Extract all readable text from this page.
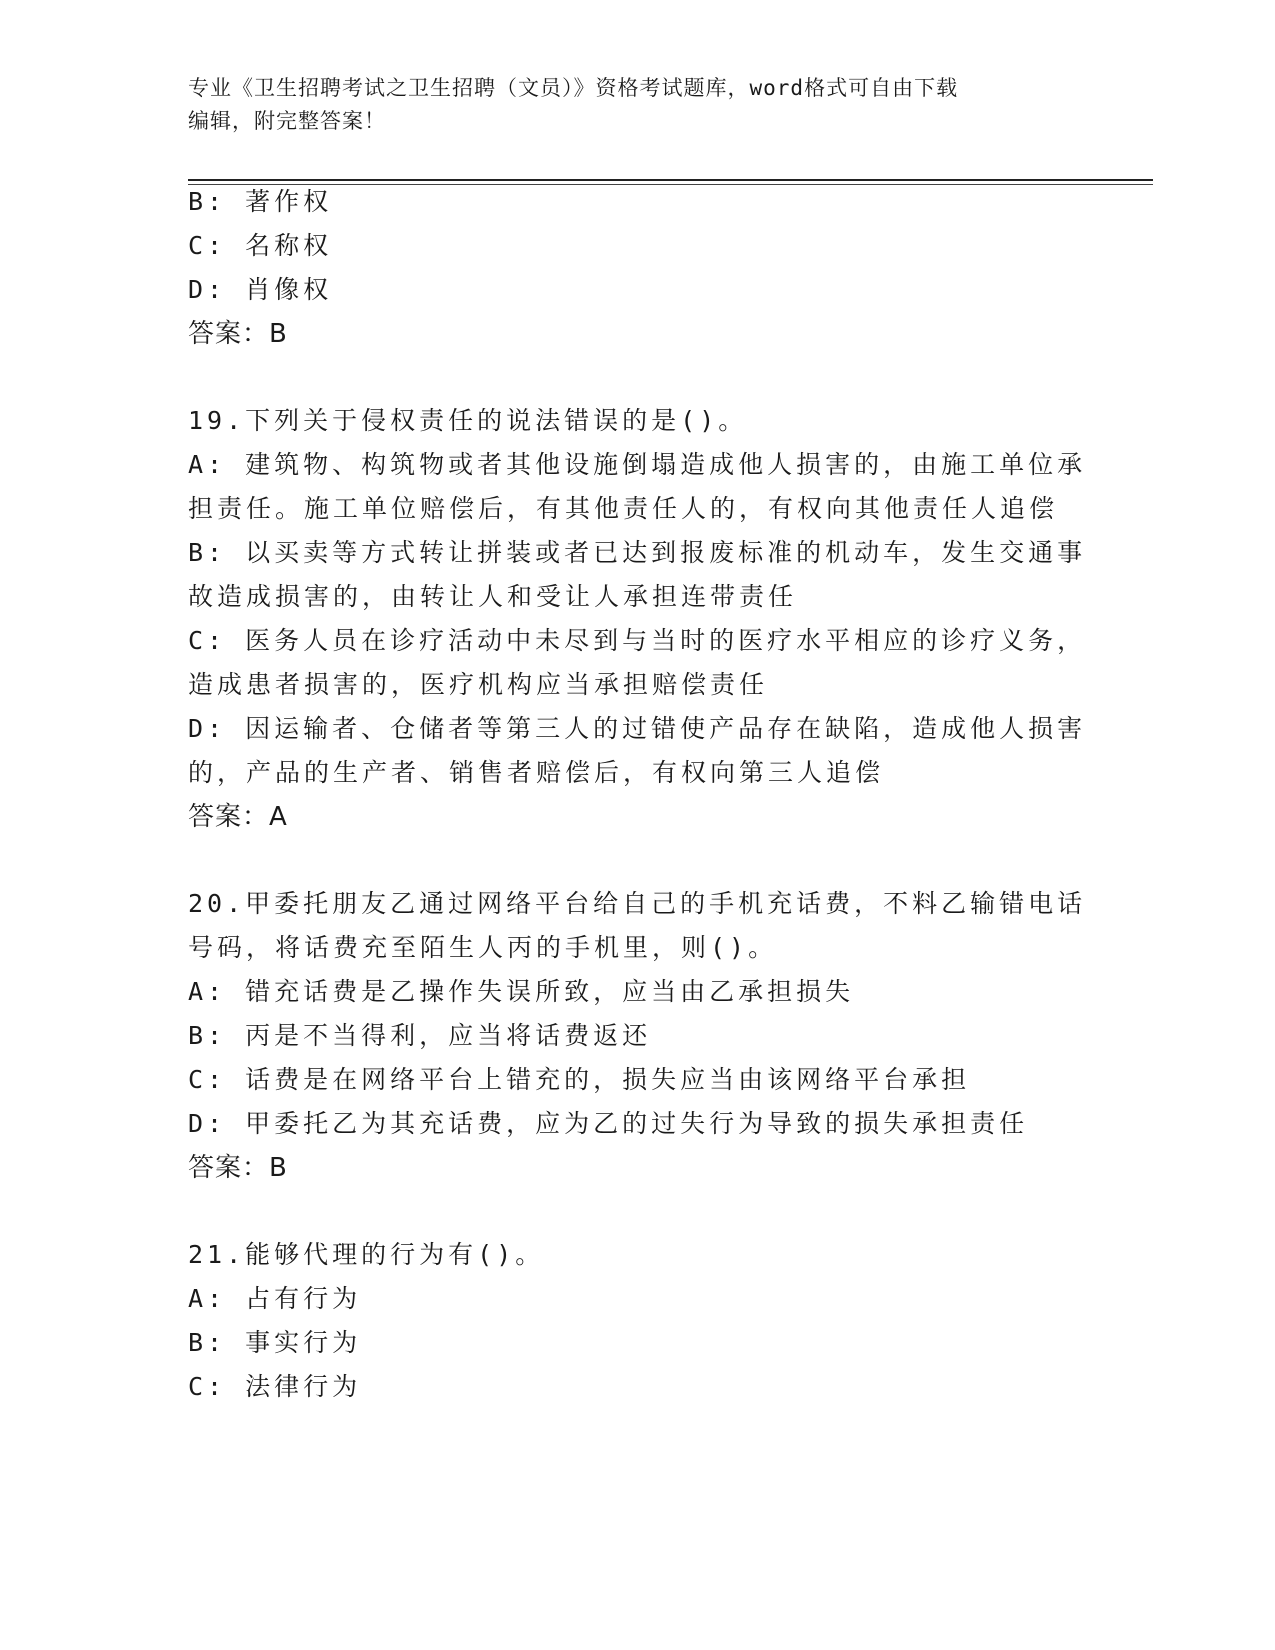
专业《卫生招聘考试之卫生招聘（文员）》资格考试题库，word格式可自由下载
编辑，附完整答案！
B: 著作权
C: 名称权
D: 肖像权
答案：B
19.下列关于侵权责任的说法错误的是()。
A: 建筑物、构筑物或者其他设施倒塌造成他人损害的，由施工单位承
担责任。施工单位赔偿后，有其他责任人的，有权向其他责任人追偿
B: 以买卖等方式转让拼装或者已达到报废标准的机动车，发生交通事
故造成损害的，由转让人和受让人承担连带责任
C: 医务人员在诊疗活动中未尽到与当时的医疗水平相应的诊疗义务，
造成患者损害的，医疗机构应当承担赔偿责任
D: 因运输者、仓储者等第三人的过错使产品存在缺陷，造成他人损害
的，产品的生产者、销售者赔偿后，有权向第三人追偿
答案：A
20.甲委托朋友乙通过网络平台给自己的手机充话费，不料乙输错电话
号码，将话费充至陌生人丙的手机里，则()。
A: 错充话费是乙操作失误所致，应当由乙承担损失
B: 丙是不当得利，应当将话费返还
C: 话费是在网络平台上错充的，损失应当由该网络平台承担
D: 甲委托乙为其充话费，应为乙的过失行为导致的损失承担责任
答案：B
21.能够代理的行为有()。
A: 占有行为
B: 事实行为
C: 法律行为
